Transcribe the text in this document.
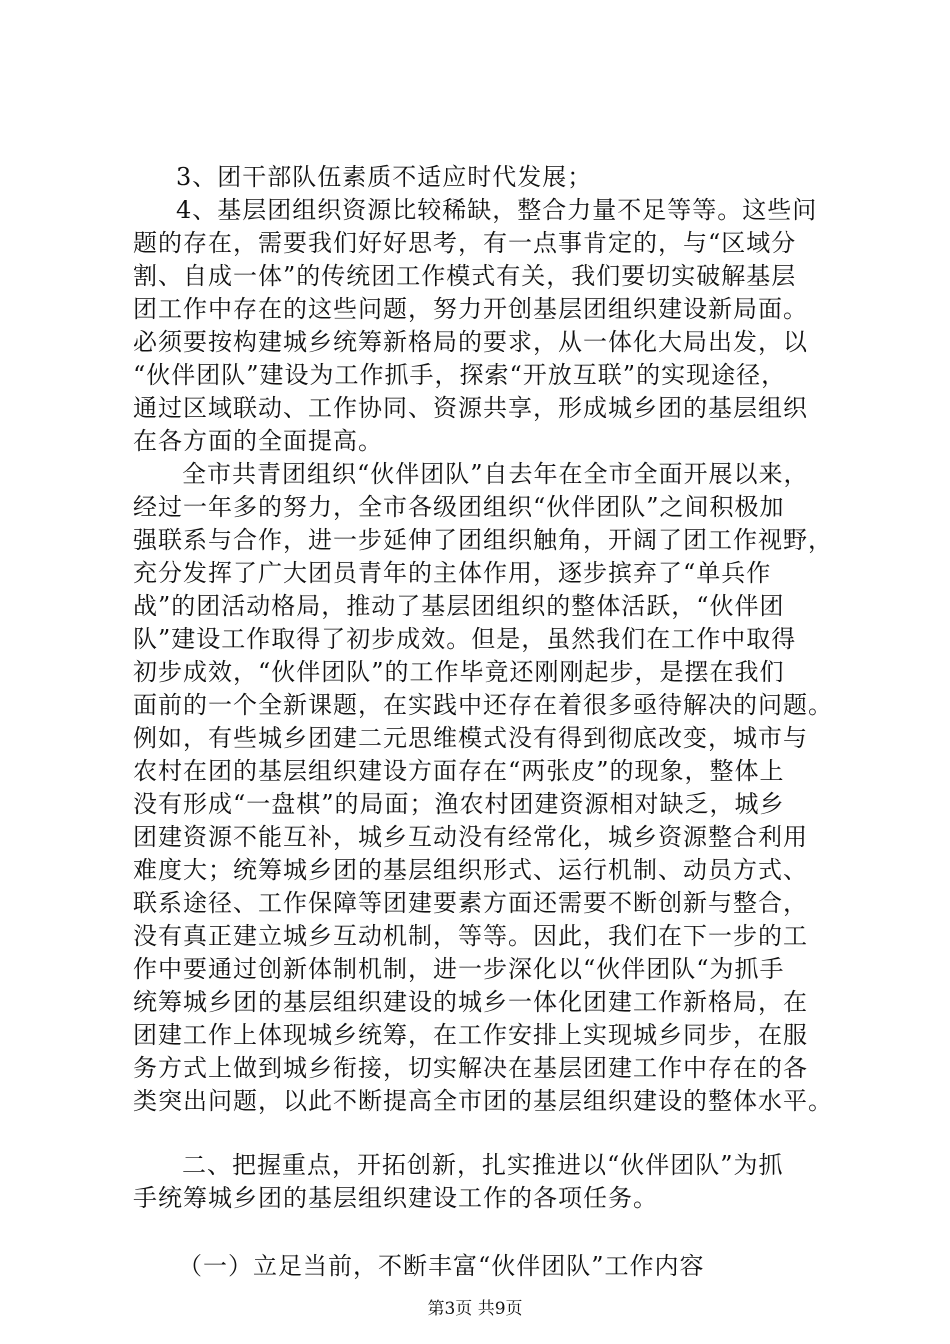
3、团干部队伍素质不适应时代发展；
4、基层团组织资源比较稀缺，整合力量不足等等。这些问
题的存在，需要我们好好思考，有一点事肯定的，与“区域分
割、自成一体”的传统团工作模式有关，我们要切实破解基层
团工作中存在的这些问题，努力开创基层团组织建设新局面。
必须要按构建城乡统筹新格局的要求，从一体化大局出发，以
“伙伴团队”建设为工作抓手，探索“开放互联”的实现途径，
通过区域联动、工作协同、资源共享，形成城乡团的基层组织
在各方面的全面提高。
全市共青团组织“伙伴团队”自去年在全市全面开展以来，
经过一年多的努力，全市各级团组织“伙伴团队”之间积极加
强联系与合作，进一步延伸了团组织触角，开阔了团工作视野，
充分发挥了广大团员青年的主体作用，逐步摈弃了“单兵作
战”的团活动格局，推动了基层团组织的整体活跃，“伙伴团
队”建设工作取得了初步成效。但是，虽然我们在工作中取得
初步成效，“伙伴团队”的工作毕竟还刚刚起步，是摆在我们
面前的一个全新课题，在实践中还存在着很多亟待解决的问题。
例如，有些城乡团建二元思维模式没有得到彻底改变，城市与
农村在团的基层组织建设方面存在“两张皮”的现象，整体上
没有形成“一盘棋”的局面；渔农村团建资源相对缺乏，城乡
团建资源不能互补，城乡互动没有经常化，城乡资源整合利用
难度大；统筹城乡团的基层组织形式、运行机制、动员方式、
联系途径、工作保障等团建要素方面还需要不断创新与整合，
没有真正建立城乡互动机制，等等。因此，我们在下一步的工
作中要通过创新体制机制，进一步深化以“伙伴团队“为抓手
统筹城乡团的基层组织建设的城乡一体化团建工作新格局，在
团建工作上体现城乡统筹，在工作安排上实现城乡同步，在服
务方式上做到城乡衔接，切实解决在基层团建工作中存在的各
类突出问题，以此不断提高全市团的基层组织建设的整体水平。
二、把握重点，开拓创新，扎实推进以“伙伴团队”为抓
手统筹城乡团的基层组织建设工作的各项任务。
（一）立足当前，不断丰富“伙伴团队”工作内容
第3页 共9页
